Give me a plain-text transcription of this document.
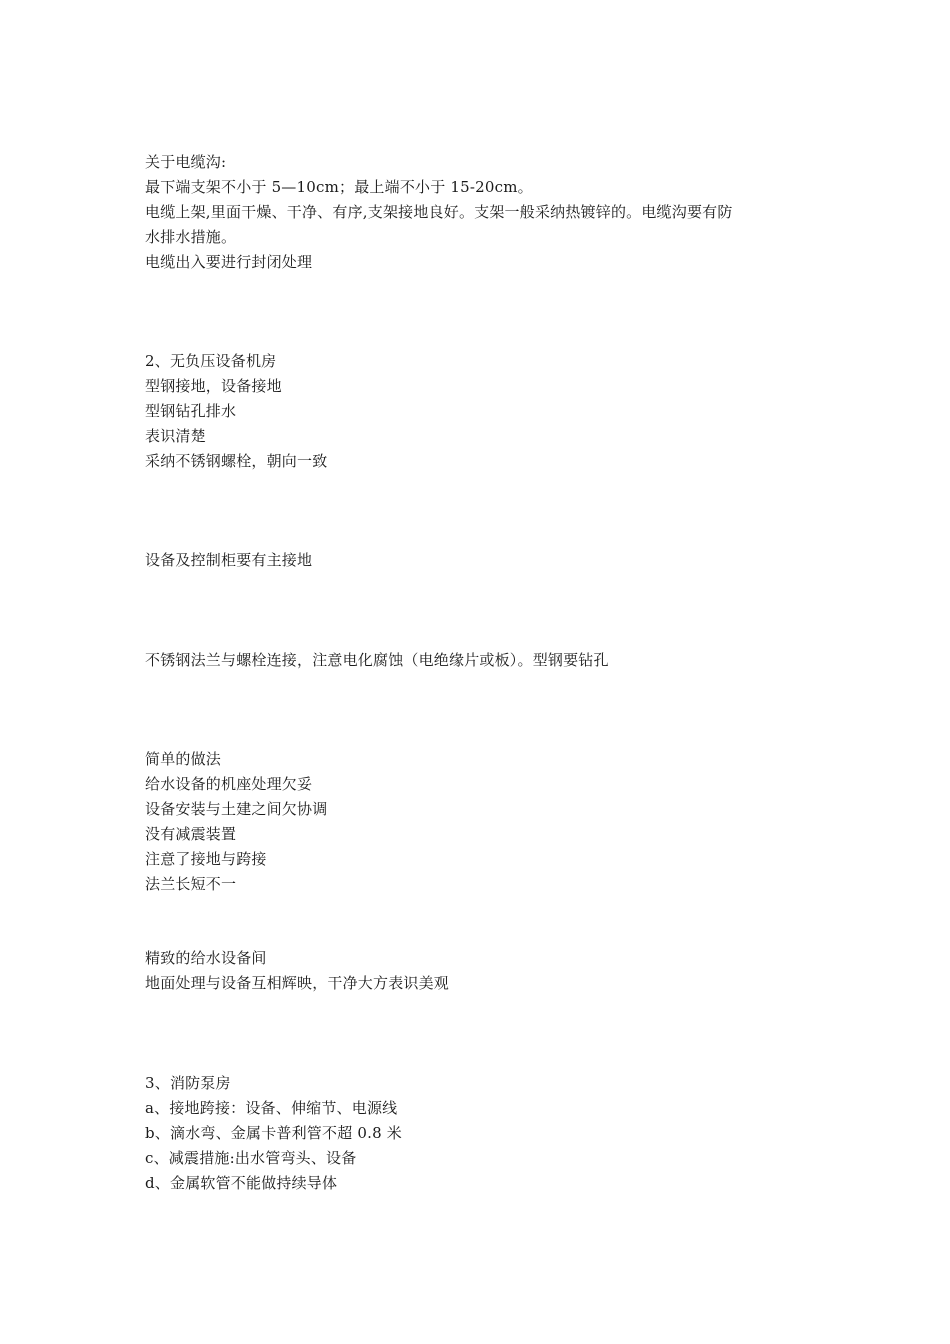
关于电缆沟:
最下端支架不小于 5—10cm；最上端不小于 15-20cm。
电缆上架,里面干燥、干净、有序,支架接地良好。支架一般采纳热镀锌的。电缆沟要有防
水排水措施。
电缆出入要进行封闭处理
2、无负压设备机房
型钢接地，设备接地
型钢钻孔排水
表识清楚
采纳不锈钢螺栓，朝向一致
设备及控制柜要有主接地
不锈钢法兰与螺栓连接，注意电化腐蚀（电绝缘片或板）。型钢要钻孔
简单的做法
给水设备的机座处理欠妥
设备安装与土建之间欠协调
没有减震装置
注意了接地与跨接
法兰长短不一
精致的给水设备间
地面处理与设备互相辉映，干净大方表识美观
3、消防泵房
a、接地跨接：设备、伸缩节、电源线
b、滴水弯、金属卡普利管不超 0.8 米
c、减震措施:出水管弯头、设备
d、金属软管不能做持续导体
